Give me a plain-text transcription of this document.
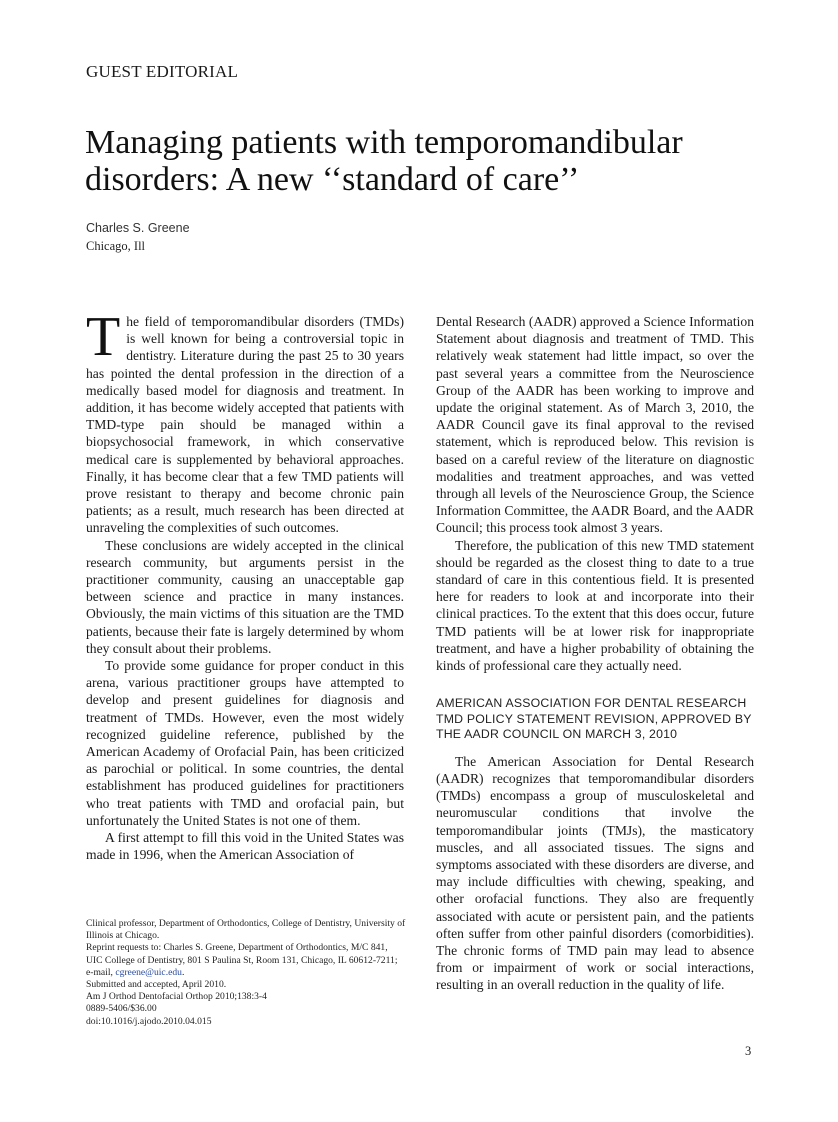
GUEST EDITORIAL
Managing patients with temporomandibular
disorders: A new ‘‘standard of care’’
Charles S. Greene
Chicago, Ill

The field of temporomandibular disorders (TMDs) is well known for being a controversial topic in dentistry. Literature during the past 25 to 30 years has pointed the dental profession in the direction of a medically based model for diagnosis and treatment. In addition, it has become widely accepted that patients with TMD-type pain should be managed within a biopsychosocial framework, in which conservative medical care is supplemented by behavioral approaches. Finally, it has become clear that a few TMD patients will prove resistant to therapy and become chronic pain patients; as a result, much research has been directed at unraveling the complexities of such outcomes.

These conclusions are widely accepted in the clinical research community, but arguments persist in the practitioner community, causing an unacceptable gap between science and practice in many instances. Obviously, the main victims of this situation are the TMD patients, because their fate is largely determined by whom they consult about their problems.

To provide some guidance for proper conduct in this arena, various practitioner groups have attempted to develop and present guidelines for diagnosis and treatment of TMDs. However, even the most widely recognized guideline reference, published by the American Academy of Orofacial Pain, has been criticized as parochial or political. In some countries, the dental establishment has produced guidelines for practitioners who treat patients with TMD and orofacial pain, but unfortunately the United States is not one of them.

A first attempt to fill this void in the United States was made in 1996, when the American Association of

Dental Research (AADR) approved a Science Information Statement about diagnosis and treatment of TMD. This relatively weak statement had little impact, so over the past several years a committee from the Neuroscience Group of the AADR has been working to improve and update the original statement. As of March 3, 2010, the AADR Council gave its final approval to the revised statement, which is reproduced below. This revision is based on a careful review of the literature on diagnostic modalities and treatment approaches, and was vetted through all levels of the Neuroscience Group, the Science Information Committee, the AADR Board, and the AADR Council; this process took almost 3 years.

Therefore, the publication of this new TMD statement should be regarded as the closest thing to date to a true standard of care in this contentious field. It is presented here for readers to look at and incorporate into their clinical practices. To the extent that this does occur, future TMD patients will be at lower risk for inappropriate treatment, and have a higher probability of obtaining the kinds of professional care they actually need.

AMERICAN ASSOCIATION FOR DENTAL RESEARCH TMD POLICY STATEMENT REVISION, APPROVED BY THE AADR COUNCIL ON MARCH 3, 2010

The American Association for Dental Research (AADR) recognizes that temporomandibular disorders (TMDs) encompass a group of musculoskeletal and neuromuscular conditions that involve the temporomandibular joints (TMJs), the masticatory muscles, and all associated tissues. The signs and symptoms associated with these disorders are diverse, and may include difficulties with chewing, speaking, and other orofacial functions. They also are frequently associated with acute or persistent pain, and the patients often suffer from other painful disorders (comorbidities). The chronic forms of TMD pain may lead to absence from or impairment of work or social interactions, resulting in an overall reduction in the quality of life.

Clinical professor, Department of Orthodontics, College of Dentistry, University of Illinois at Chicago.
Reprint requests to: Charles S. Greene, Department of Orthodontics, M/C 841, UIC College of Dentistry, 801 S Paulina St, Room 131, Chicago, IL 60612-7211; e-mail, cgreene@uic.edu.
Submitted and accepted, April 2010.
Am J Orthod Dentofacial Orthop 2010;138:3-4
0889-5406/$36.00
doi:10.1016/j.ajodo.2010.04.015
3
